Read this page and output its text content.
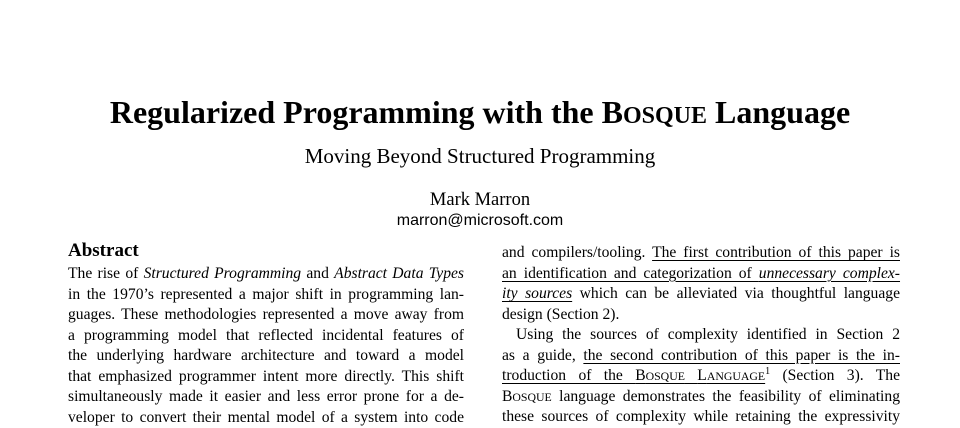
Regularized Programming with the BOSQUE Language
Moving Beyond Structured Programming
Mark Marron
marron@microsoft.com
Abstract
The rise of Structured Programming and Abstract Data Types
in the 1970’s represented a major shift in programming lan-
guages. These methodologies represented a move away from
a programming model that reflected incidental features of
the underlying hardware architecture and toward a model
that emphasized programmer intent more directly. This shift
simultaneously made it easier and less error prone for a de-
veloper to convert their mental model of a system into code
and compilers/tooling. The first contribution of this paper is
an identification and categorization of unnecessary complex-
ity sources which can be alleviated via thoughtful language
design (Section 2).
Using the sources of complexity identified in Section 2
as a guide, the second contribution of this paper is the in-
troduction of the BOSQUE LANGUAGE$^1$ (Section 3). The
BOSQUE language demonstrates the feasibility of eliminating
these sources of complexity while retaining the expressivity
